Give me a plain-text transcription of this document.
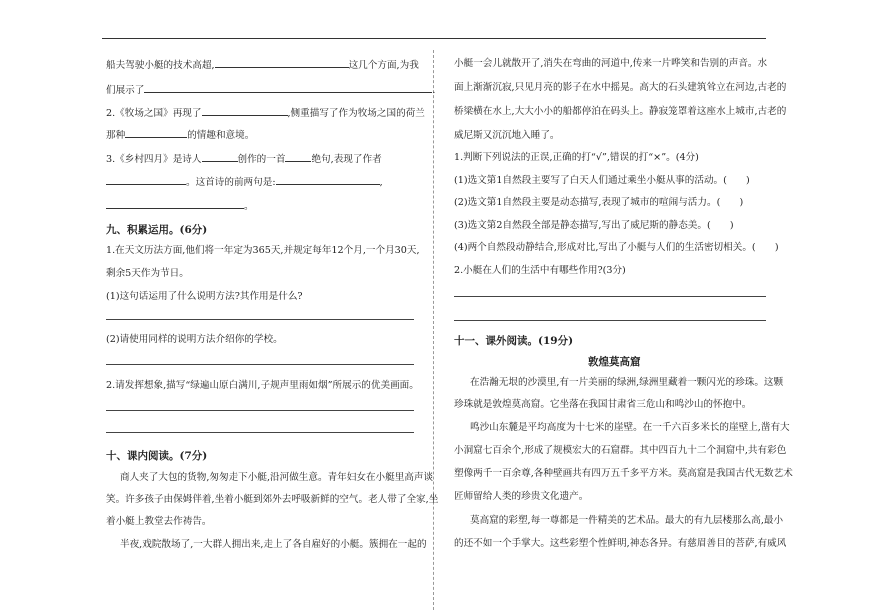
船夫驾驶小艇的技术高超,	这几个方面,为我
们展示了	.
2.《牧场之国》再现了	,侧重描写了作为牧场之国的荷兰
那种	的情趣和意境。
3.《乡村四月》是诗人	创作的一首	绝句,表现了作者
。这首诗的前两句是:	,
。
九、积累运用。(6分)
1.在天文历法方面,他们将一年定为365天,并规定每年12个月,一个月30天,
剩余5天作为节日。
(1)这句话运用了什么说明方法?其作用是什么?
(2)请使用同样的说明方法介绍你的学校。
2.请发挥想象,描写“绿遍山原白满川,子规声里雨如烟”所展示的优美画面。
十、课内阅读。(7分)
商人夹了大包的货物,匆匆走下小艇,沿河做生意。青年妇女在小艇里高声谈
笑。许多孩子由保姆伴着,坐着小艇到郊外去呼吸新鲜的空气。老人带了全家,坐
着小艇上教堂去作祷告。
半夜,戏院散场了,一大群人拥出来,走上了各自雇好的小艇。簇拥在一起的
小艇一会儿就散开了,消失在弯曲的河道中,传来一片哗笑和告别的声音。水
面上渐渐沉寂,只见月亮的影子在水中摇晃。高大的石头建筑耸立在河边,古老的
桥梁横在水上,大大小小的船都停泊在码头上。静寂笼罩着这座水上城市,古老的
威尼斯又沉沉地入睡了。
1.判断下列说法的正误,正确的打“√”,错误的打“×”。(4分)
(1)选文第1自然段主要写了白天人们通过乘坐小艇从事的活动。(　　)
(2)选文第1自然段主要是动态描写,表现了城市的喧闹与活力。(　　)
(3)选文第2自然段全部是静态描写,写出了威尼斯的静态美。(　　)
(4)两个自然段动静结合,形成对比,写出了小艇与人们的生活密切相关。(　　)
2.小艇在人们的生活中有哪些作用?(3分)
十一、课外阅读。(19分)
敦煌莫高窟
在浩瀚无垠的沙漠里,有一片美丽的绿洲,绿洲里藏着一颗闪光的珍珠。这颗
珍珠就是敦煌莫高窟。它坐落在我国甘肃省三危山和鸣沙山的怀抱中。
鸣沙山东麓是平均高度为十七米的崖壁。在一千六百多米长的崖壁上,凿有大
小洞窟七百余个,形成了规模宏大的石窟群。其中四百九十二个洞窟中,共有彩色
塑像两千一百余尊,各种壁画共有四万五千多平方米。莫高窟是我国古代无数艺术
匠师留给人类的珍贵文化遗产。
莫高窟的彩塑,每一尊都是一件精美的艺术品。最大的有九层楼那么高,最小
的还不如一个手掌大。这些彩塑个性鲜明,神态各异。有慈眉善目的菩萨,有威风
